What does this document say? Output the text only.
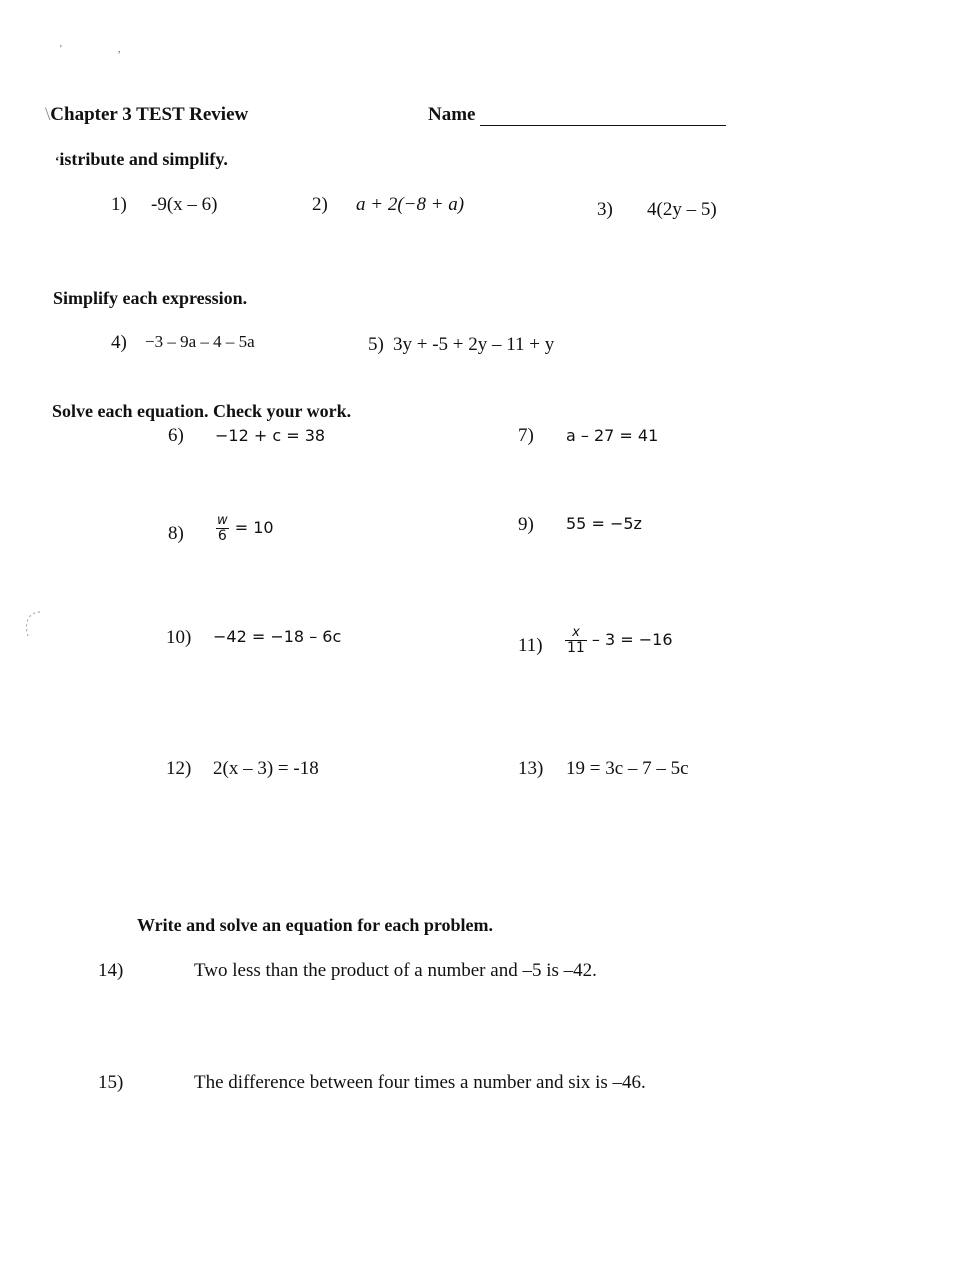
'	,
\Chapter 3 TEST Review	Name
‘istribute and simplify.
1) -9(x – 6)	2) a + 2(−8 + a)	3) 4(2y – 5)
Simplify each expression.
4) −3 – 9a – 4 – 5a	5) 3y + -5 + 2y – 11 + y
Solve each equation. Check your work.
6) −12 + c = 38	7) a – 27 = 41
$8) \frac{w}{6} = 10$	9) 55 = −5z
10) −42 = −18 – 6c	$11) \frac{x}{11} - 3 = -16$
12) 2(x – 3) = -18	13) 19 = 3c – 7 – 5c
Write and solve an equation for each problem.
14)	Two less than the product of a number and –5 is –42.
15)	The difference between four times a number and six is –46.
